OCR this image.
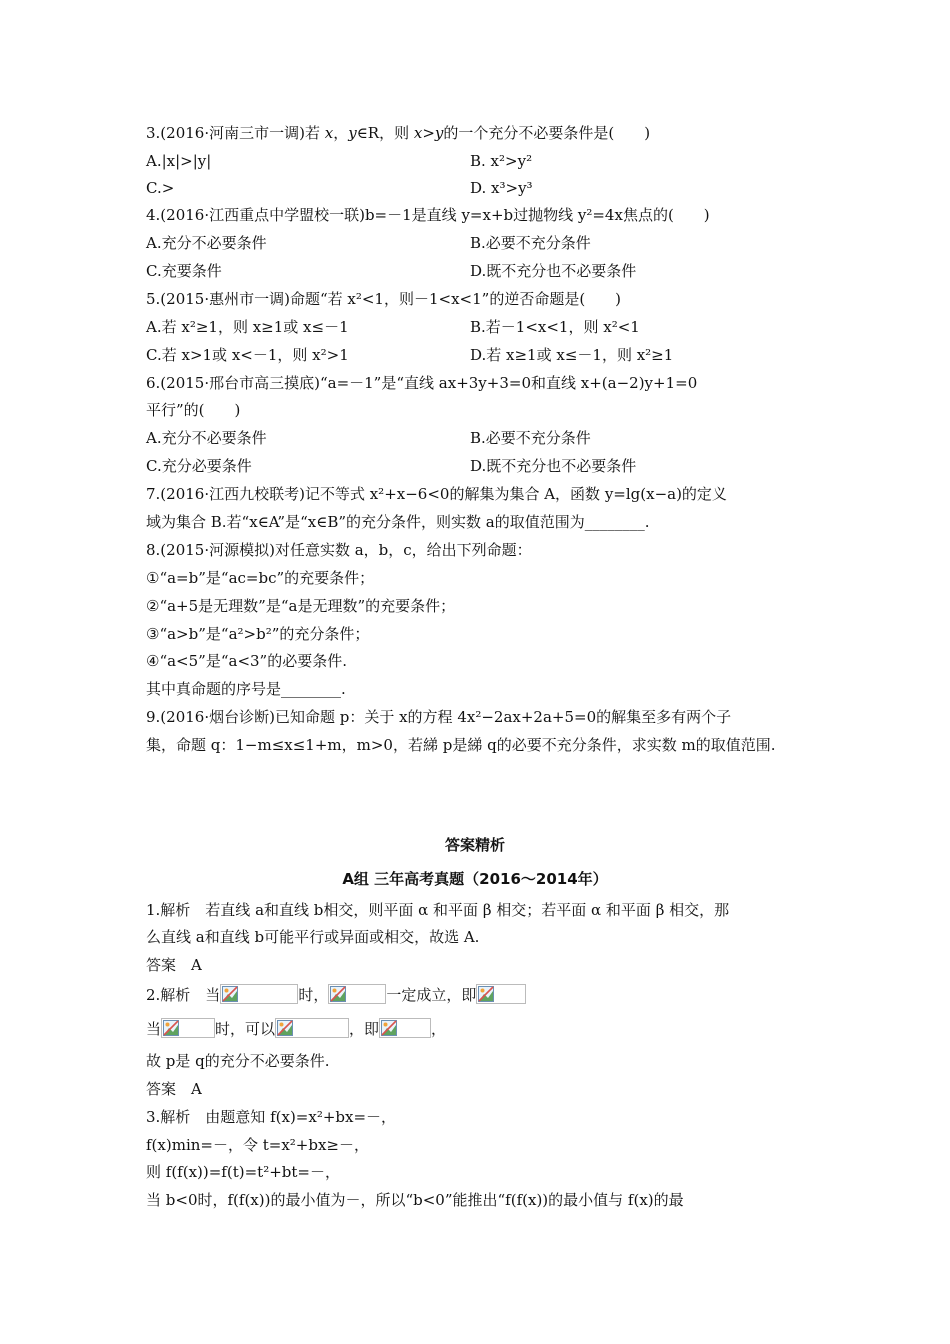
3.(2016·河南三市一调)若 x，y∈R，则 x>y的一个充分不必要条件是(　　)
A.|x|>|y|	B. x²>y²
C.>	D. x³>y³
4.(2016·江西重点中学盟校一联)b=－1是直线 y=x+b过抛物线 y²=4x焦点的(　　)
A.充分不必要条件	B.必要不充分条件
C.充要条件	D.既不充分也不必要条件
5.(2015·惠州市一调)命题“若 x²<1，则－1<x<1”的逆否命题是(　　)
A.若 x²≥1，则 x≥1或 x≤－1	B.若－1<x<1，则 x²<1
C.若 x>1或 x<－1，则 x²>1	D.若 x≥1或 x≤－1，则 x²≥1
6.(2015·邢台市高三摸底)“a=－1”是“直线 ax+3y+3=0和直线 x+(a−2)y+1=0
平行”的(　　)
A.充分不必要条件	B.必要不充分条件
C.充分必要条件	D.既不充分也不必要条件
7.(2016·江西九校联考)记不等式 x²+x−6<0的解集为集合 A，函数 y=lg(x−a)的定义
域为集合 B.若“x∈A”是“x∈B”的充分条件，则实数 a的取值范围为________.
8.(2015·河源模拟)对任意实数 a，b，c，给出下列命题：
①“a=b”是“ac=bc”的充要条件；
②“a+5是无理数”是“a是无理数”的充要条件；
③“a>b”是“a²>b²”的充分条件；
④“a<5”是“a<3”的必要条件.
其中真命题的序号是________.
9.(2016·烟台诊断)已知命题 p：关于 x的方程 4x²−2ax+2a+5=0的解集至多有两个子
集，命题 q：1−m≤x≤1+m，m>0，若綈 p是綈 q的必要不充分条件，求实数 m的取值范围.
答案精析
A组 三年高考真题（2016～2014年）
1.解析　若直线 a和直线 b相交，则平面 α 和平面 β 相交；若平面 α 和平面 β 相交，那
么直线 a和直线 b可能平行或异面或相交，故选 A.
答案　A
2.解析　当	时，	一定成立，即
当	时，可以	，即	，
故 p是 q的充分不必要条件.
答案　A
3.解析　由题意知 f(x)=x²+bx=－，
f(x)min=－，令 t=x²+bx≥－，
则 f(f(x))=f(t)=t²+bt=－，
当 b<0时，f(f(x))的最小值为－，所以“b<0”能推出“f(f(x))的最小值与 f(x)的最
